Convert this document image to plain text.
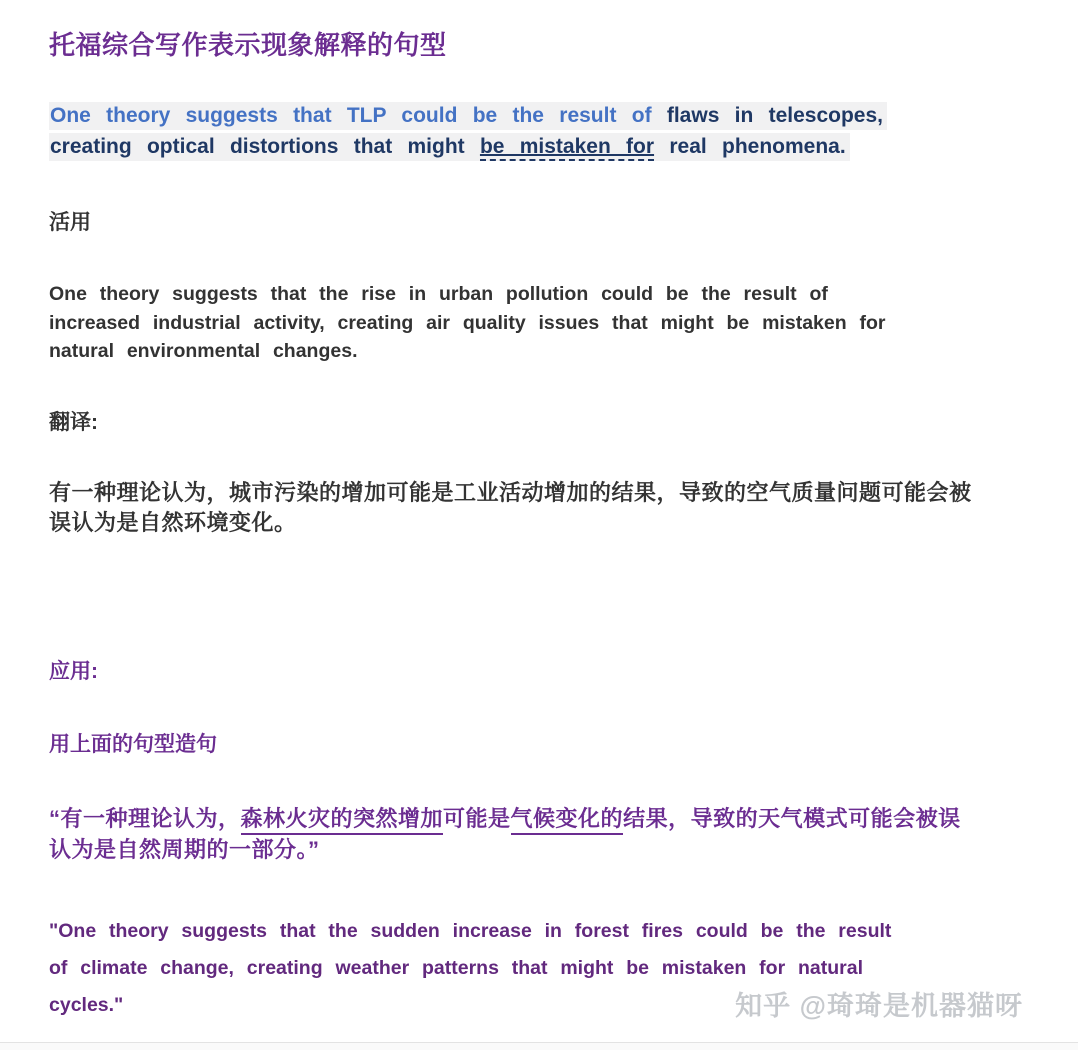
托福综合写作表示现象解释的句型
One theory suggests that TLP could be the result of flaws in telescopes,
creating optical distortions that might be mistaken for real phenomena.
活用
One theory suggests that the rise in urban pollution could be the result of
increased industrial activity, creating air quality issues that might be mistaken for
natural environmental changes.
翻译:
有一种理论认为，城市污染的增加可能是工业活动增加的结果，导致的空气质量问题可能会被
误认为是自然环境变化。
应用:
用上面的句型造句
“有一种理论认为，森林火灾的突然增加可能是气候变化的结果，导致的天气模式可能会被误
认为是自然周期的一部分。”
"One theory suggests that the sudden increase in forest fires could be the result
of climate change, creating weather patterns that might be mistaken for natural
cycles."	知乎 @琦琦是机器猫呀
